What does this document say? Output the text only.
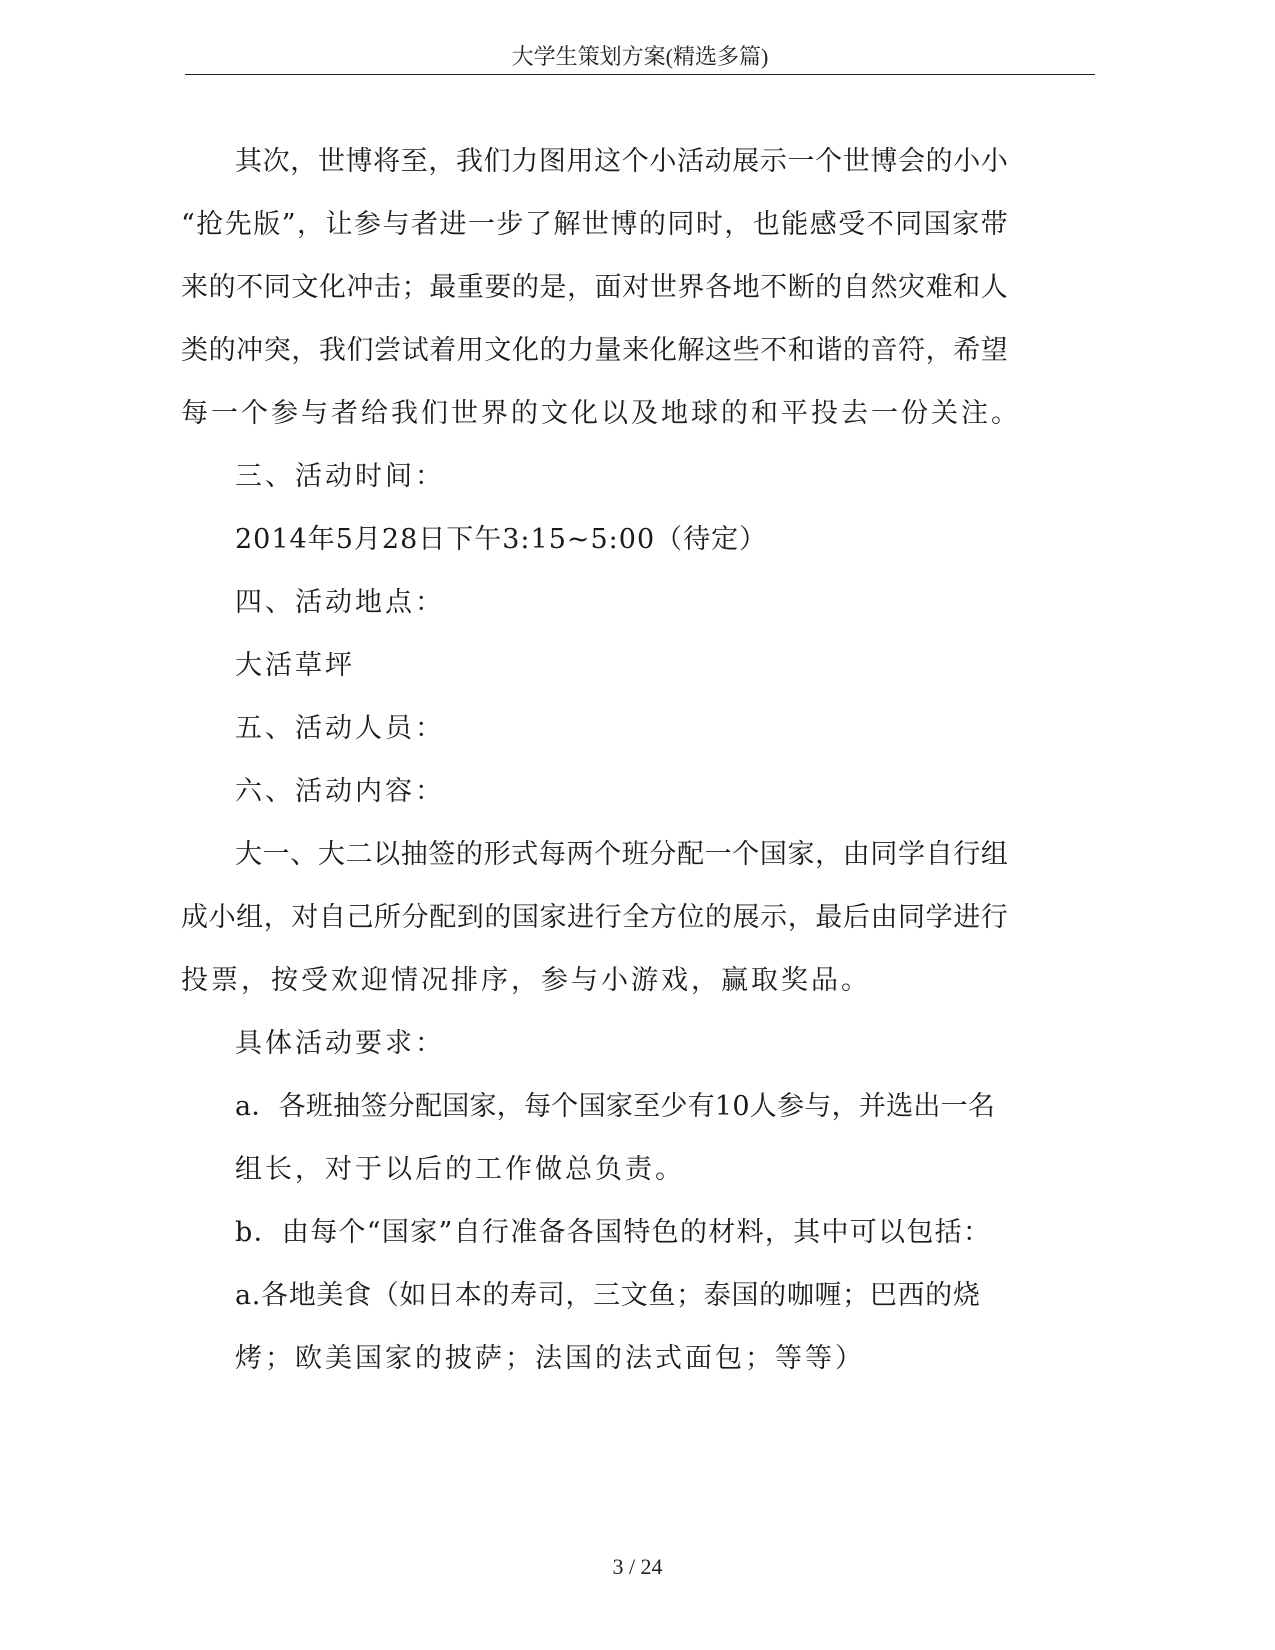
大学生策划方案(精选多篇)
其 次 ， 世 博 将 至 ， 我 们 力 图 用 这 个 小 活 动 展 示 一 个 世 博 会 的 小 小
“ 抢 先 版 ” ， 让 参 与 者 进 一 步 了 解 世 博 的 同 时 ， 也 能 感 受 不 同 国 家 带
来 的 不 同 文 化 冲 击 ； 最 重 要 的 是 ， 面 对 世 界 各 地 不 断 的 自 然 灾 难 和 人
类 的 冲 突 ， 我 们 尝 试 着 用 文 化 的 力 量 来 化 解 这 些 不 和 谐 的 音 符 ， 希 望
每一个参与者给我们世界的文化以及地球的和平投去一份关注。
三、活动时间：
2014年5月28日下午3:15~5:00（待定）
四、活动地点：
大活草坪
五、活动人员：
六、活动内容：
大 一 、 大 二 以 抽 签 的 形 式 每 两 个 班 分 配 一 个 国 家 ， 由 同 学 自 行 组
成 小 组 ， 对 自 己 所 分 配 到 的 国 家 进 行 全 方 位 的 展 示 ， 最 后 由 同 学 进 行
投票，按受欢迎情况排序，参与小游戏，赢取奖品。
具体活动要求：
a ． 各 班 抽 签 分 配 国 家 ， 每 个 国 家 至 少 有 1 0 人 参 与 ， 并 选 出 一 名
组长，对于以后的工作做总负责。
b ． 由 每 个 “ 国 家 ” 自 行 准 备 各 国 特 色 的 材 料 ， 其 中 可 以 包 括 ：
a . 各 地 美 食 （ 如 日 本 的 寿 司 ， 三 文 鱼 ； 泰 国 的 咖 喱 ； 巴 西 的 烧
烤；欧美国家的披萨；法国的法式面包；等等）
3 / 24
